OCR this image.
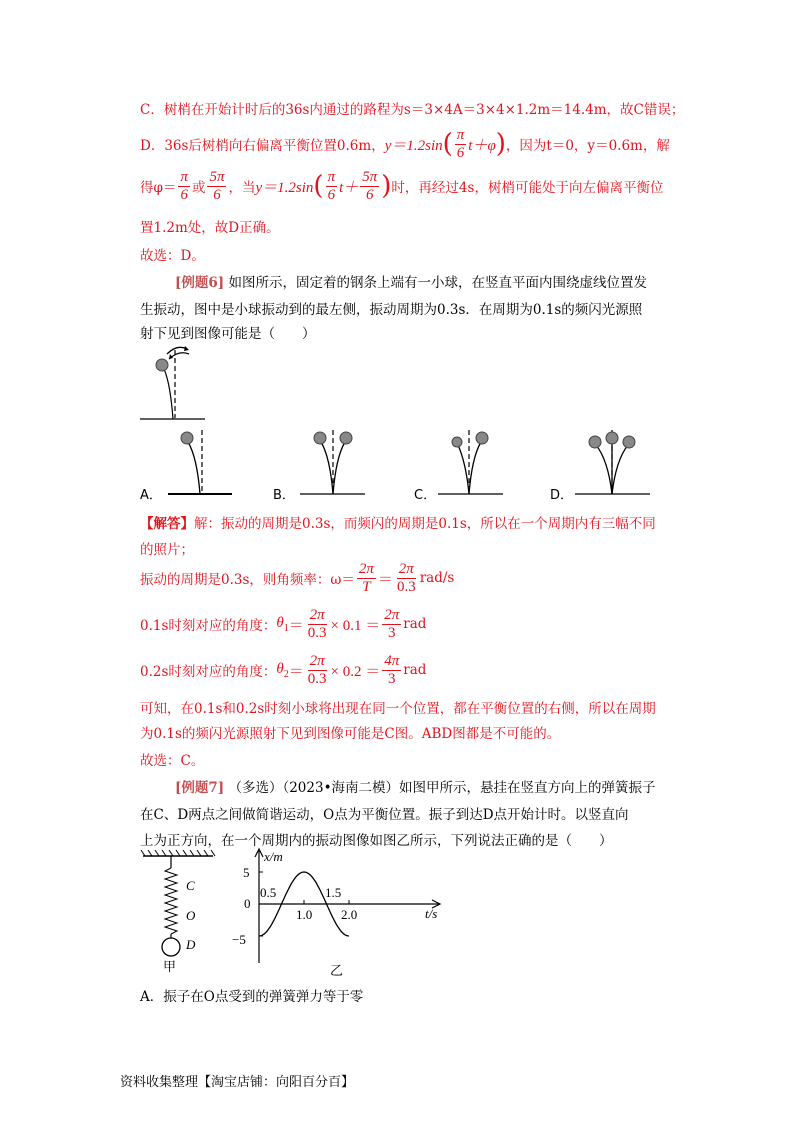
C．树梢在开始计时后的36s内通过的路程为s＝3×4A＝3×4×1.2m＝14.4m，故C错误；
D．36s后树梢向右偏离平衡位置0.6m， y＝1.2sin ( $\frac{\pi}{6} t+\varphi$ ) ，因为t＝0，y＝0.6m，解
得$\varphi= \frac{\pi}{6}$ 或 $\frac{5\pi}{6}$ ，当 y＝1.2sin ( $\frac{\pi}{6} t+ \frac{5\pi}{6}$ ) 时，再经过4s，树梢可能处于向左偏离平衡位
置1.2m处，故D正确。
故选：D。
[例题6] 如图所示，固定着的钢条上端有一小球，在竖直平面内围绕虚线位置发
生振动，图中是小球振动到的最左侧，振动周期为0.3s．在周期为0.1s的频闪光源照
射下见到图像可能是（　　）
A．	B．	C．	D．
【解答】解：振动的周期是0.3s，而频闪的周期是0.1s，所以在一个周期内有三幅不同
的照片；
振动的周期是0.3s，则角频率：$\omega= \frac{2\pi}{T} = \frac{2\pi}{0.3} rad/s$
0.1s时刻对应的角度： $\theta_1 = \frac{2\pi}{0.3} \times 0.1 = \frac{2\pi}{3}$ rad
0.2s时刻对应的角度： $\theta_2 = \frac{2\pi}{0.3} \times 0.2 = \frac{4\pi}{3}$ rad
可知，在0.1s和0.2s时刻小球将出现在同一个位置，都在平衡位置的右侧，所以在周期
为0.1s的频闪光源照射下见到图像可能是C图。ABD图都是不可能的。
故选：C。
[例题7] （多选）（2023•海南二模）如图甲所示，悬挂在竖直方向上的弹簧振子
在C、D两点之间做简谐运动，O点为平衡位置。振子到达D点开始计时。以竖直向
上为正方向，在一个周期内的振动图像如图乙所示，下列说法正确的是（　　）
C
O
D
甲
x/m
t/s
5
0
−5
0.5
1.0
1.5
2.0
乙
A．振子在O点受到的弹簧弹力等于零
资料收集整理【淘宝店铺：向阳百分百】
